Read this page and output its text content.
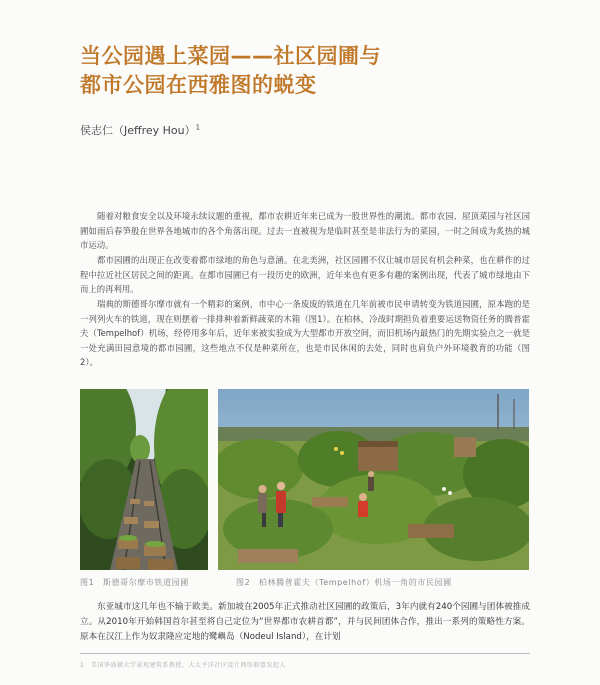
当公园遇上菜园——社区园圃与
都市公园在西雅图的蜕变
侯志仁（Jeffrey Hou）$^1$

随着对粮食安全以及环境永续议题的重视，都市农耕近年来已成为一股世界性的潮流。都市农园、屋顶菜园与社区园圃如雨后春笋般在世界各地城市的各个角落出现。过去一直被视为是临时甚至是非法行为的菜园，一时之间成为炙热的城市运动。

都市园圃的出现正在改变着都市绿地的角色与意涵。在北美洲，社区园圃不仅让城市居民有机会种菜，也在耕作的过程中拉近社区居民之间的距离。在都市园圃已有一段历史的欧洲，近年来也有更多有趣的案例出现，代表了城市绿地由下而上的再利用。

瑞典的斯德哥尔摩市就有一个精彩的案例，市中心一条废废的铁道在几年前被市民申请转变为铁道园圃，原本跑的是一列列火车的铁道，现在则摆着一排排种着新鲜蔬菜的木箱（图1）。在柏林，冷战时期担负着重要运送物资任务的腾普霍夫（Tempelhof）机场，经停用多年后，近年来被实验成为大型都市开放空间，而旧机场内最热门的先期实验点之一就是一处充满田园意境的都市园圃，这些地点不仅是种菜所在，也是市民休闲的去处，同时也肩负户外环境教育的功能（图2）。

图1　斯德哥尔摩市铁道园圃	图2　柏林腾普霍夫（Tempelhof）机场一角的市民园圃

东亚城市这几年也不输于欧美。新加坡在2005年正式推动社区园圃的政策后，3年内就有240个园圃与团体被推成立。从2010年开始韩国首尔甚至将自己定位为“世界都市农耕首都”，并与民间团体合作，推出一系列的策略性方案。原本在汉江上作为奴隶隆应定地的鹭嶼岛（Nodeul Island），在计划

1　美国华盛顿大学景观建筑系教授，大太平洋社区设计网络联盟发起人
